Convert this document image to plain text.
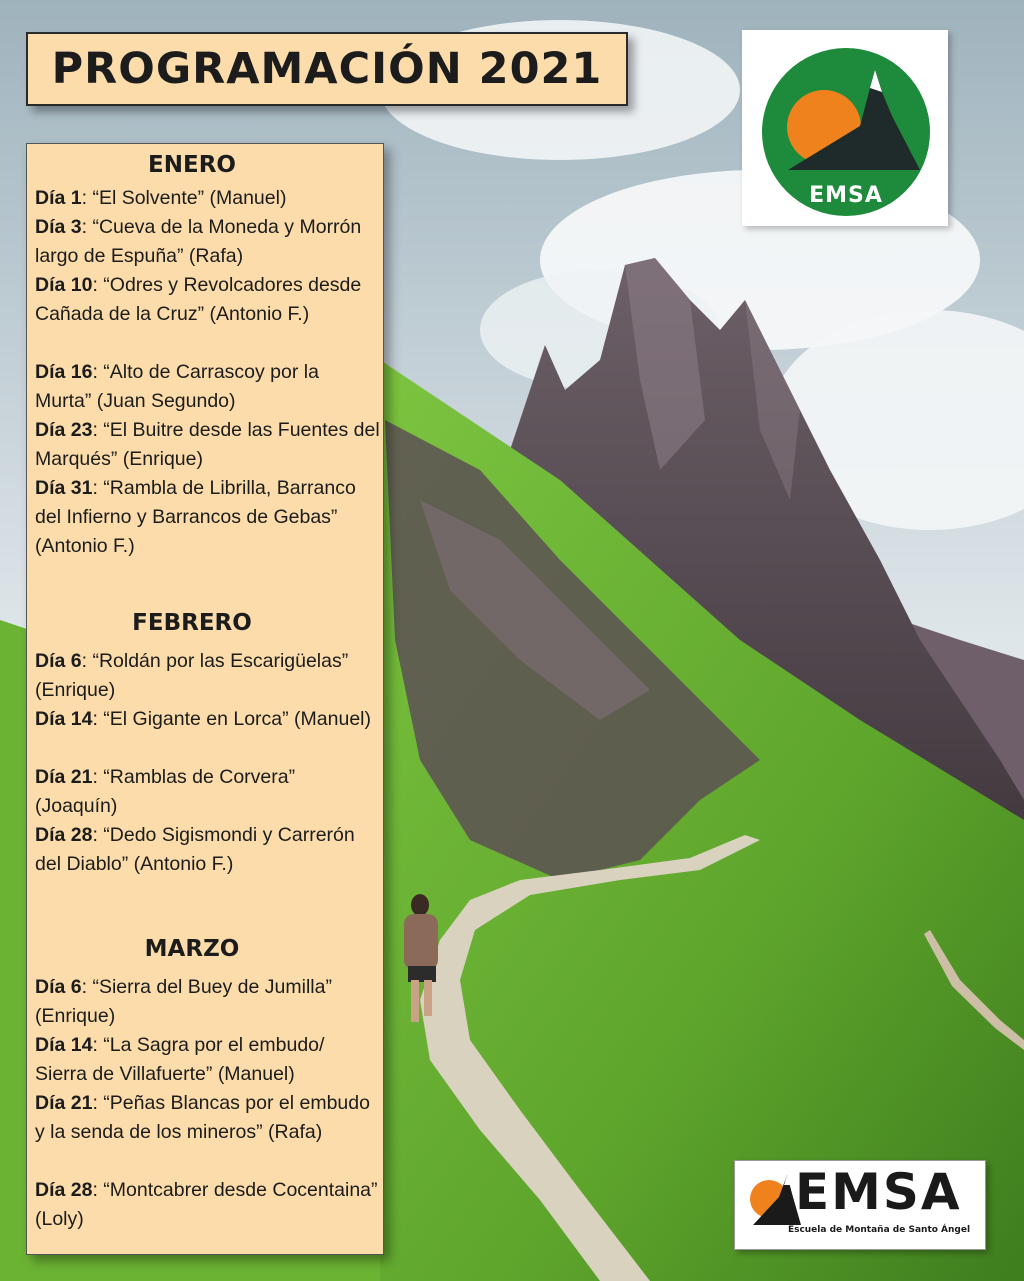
PROGRAMACIÓN 2021
EMSA
ENERO

Día 1: “El Solvente” (Manuel)

Día 3: “Cueva de la Moneda y Morrón largo de Espuña” (Rafa)

Día 10: “Odres y Revolcadores desde Cañada de la Cruz” (Antonio F.)

Día 16: “Alto de Carrascoy por la Murta” (Juan Segundo)

Día 23: “El Buitre desde las Fuentes del Marqués” (Enrique)

Día 31: “Rambla de Librilla, Barranco del Infierno y Barrancos de Gebas” (Antonio F.)

FEBRERO

Día 6: “Roldán por las Escarigüelas” (Enrique)

Día 14: “El Gigante en Lorca” (Manuel)

Día 21: “Ramblas de Corvera” (Joaquín)

Día 28: “Dedo Sigismondi y Carrerón del Diablo” (Antonio F.)

MARZO

Día 6: “Sierra del Buey de Jumilla” (Enrique)

Día 14: “La Sagra por el embudo/ Sierra de Villafuerte” (Manuel)

Día 21: “Peñas Blancas por el embudo y la senda de los mineros” (Rafa)

Día 28: “Montcabrer desde Cocentaina” (Loly)	EMSA
Escuela de Montaña de Santo Ángel
